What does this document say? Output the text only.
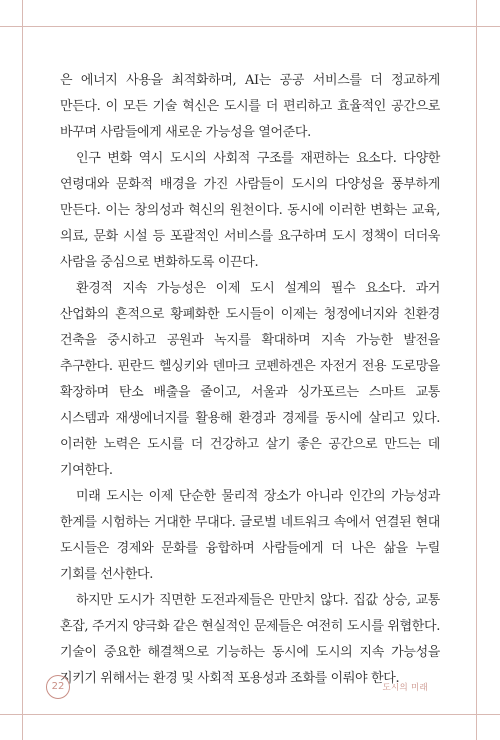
은 에너지 사용을 최적화하며, AI는 공공 서비스를 더 정교하게 만든다. 이 모든 기술 혁신은 도시를 더 편리하고 효율적인 공간으로 바꾸며 사람들에게 새로운 가능성을 열어준다.

인구 변화 역시 도시의 사회적 구조를 재편하는 요소다. 다양한 연령대와 문화적 배경을 가진 사람들이 도시의 다양성을 풍부하게 만든다. 이는 창의성과 혁신의 원천이다. 동시에 이러한 변화는 교육, 의료, 문화 시설 등 포괄적인 서비스를 요구하며 도시 정책이 더더욱 사람을 중심으로 변화하도록 이끈다.

환경적 지속 가능성은 이제 도시 설계의 필수 요소다. 과거 산업화의 흔적으로 황폐화한 도시들이 이제는 청정에너지와 친환경 건축을 중시하고 공원과 녹지를 확대하며 지속 가능한 발전을 추구한다. 핀란드 헬싱키와 덴마크 코펜하겐은 자전거 전용 도로망을 확장하며 탄소 배출을 줄이고, 서울과 싱가포르는 스마트 교통 시스템과 재생에너지를 활용해 환경과 경제를 동시에 살리고 있다. 이러한 노력은 도시를 더 건강하고 살기 좋은 공간으로 만드는 데 기여한다.

미래 도시는 이제 단순한 물리적 장소가 아니라 인간의 가능성과 한계를 시험하는 거대한 무대다. 글로벌 네트워크 속에서 연결된 현대 도시들은 경제와 문화를 융합하며 사람들에게 더 나은 삶을 누릴 기회를 선사한다.

하지만 도시가 직면한 도전과제들은 만만치 않다. 집값 상승, 교통 혼잡, 주거지 양극화 같은 현실적인 문제들은 여전히 도시를 위협한다. 기술이 중요한 해결책으로 기능하는 동시에 도시의 지속 가능성을 지키기 위해서는 환경 및 사회적 포용성과 조화를 이뤄야 한다.

22	도시의 미래
